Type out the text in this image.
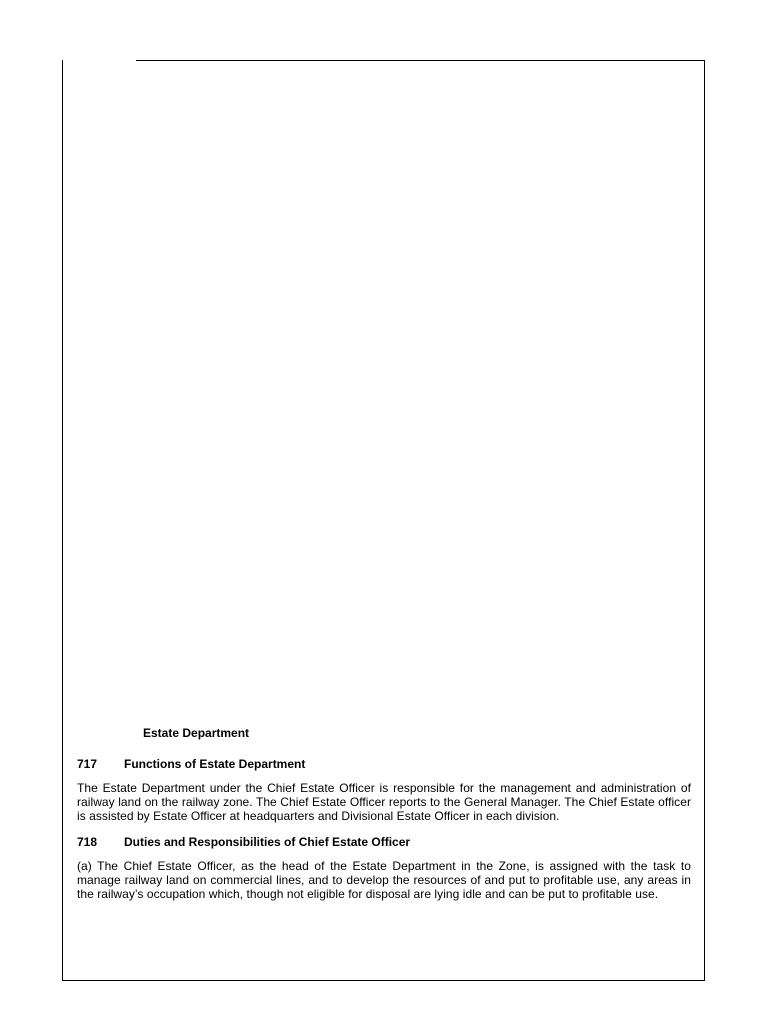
Estate Department
717	Functions of Estate Department

The Estate Department under the Chief Estate Officer is responsible for the management and administration of railway land on the railway zone. The Chief Estate Officer reports to the General Manager. The Chief Estate officer is assisted by Estate Officer at headquarters and Divisional Estate Officer in each division.

718	Duties and Responsibilities of Chief Estate Officer

(a) The Chief Estate Officer, as the head of the Estate Department in the Zone, is assigned with the task to manage railway land on commercial lines, and to develop the resources of and put to profitable use, any areas in the railway’s occupation which, though not eligible for disposal are lying idle and can be put to profitable use.
